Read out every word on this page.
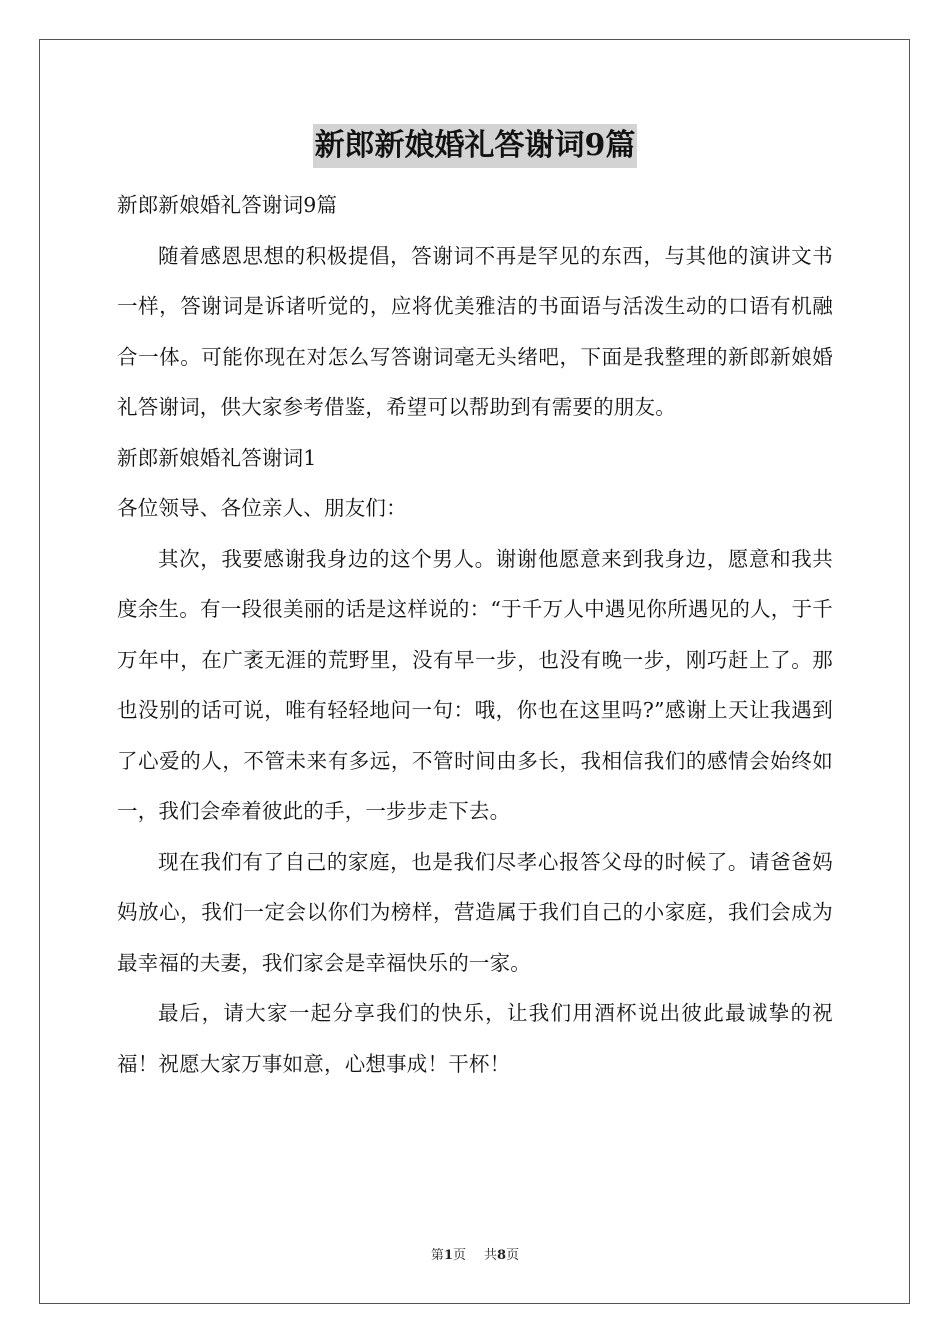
新郎新娘婚礼答谢词9篇

新郎新娘婚礼答谢词9篇

随着感恩思想的积极提倡，答谢词不再是罕见的东西，与其他的演讲文书一样，答谢词是诉诸听觉的，应将优美雅洁的书面语与活泼生动的口语有机融合一体。可能你现在对怎么写答谢词毫无头绪吧，下面是我整理的新郎新娘婚礼答谢词，供大家参考借鉴，希望可以帮助到有需要的朋友。

新郎新娘婚礼答谢词1

各位领导、各位亲人、朋友们：

其次，我要感谢我身边的这个男人。谢谢他愿意来到我身边，愿意和我共度余生。有一段很美丽的话是这样说的：“于千万人中遇见你所遇见的人，于千万年中，在广袤无涯的荒野里，没有早一步，也没有晚一步，刚巧赶上了。那也没别的话可说，唯有轻轻地问一句：哦，你也在这里吗?”感谢上天让我遇到了心爱的人，不管未来有多远，不管时间由多长，我相信我们的感情会始终如一，我们会牵着彼此的手，一步步走下去。

现在我们有了自己的家庭，也是我们尽孝心报答父母的时候了。请爸爸妈妈放心，我们一定会以你们为榜样，营造属于我们自己的小家庭，我们会成为最幸福的夫妻，我们家会是幸福快乐的一家。

最后，请大家一起分享我们的快乐，让我们用酒杯说出彼此最诚挚的祝福！祝愿大家万事如意，心想事成！干杯！

第1页 共8页
